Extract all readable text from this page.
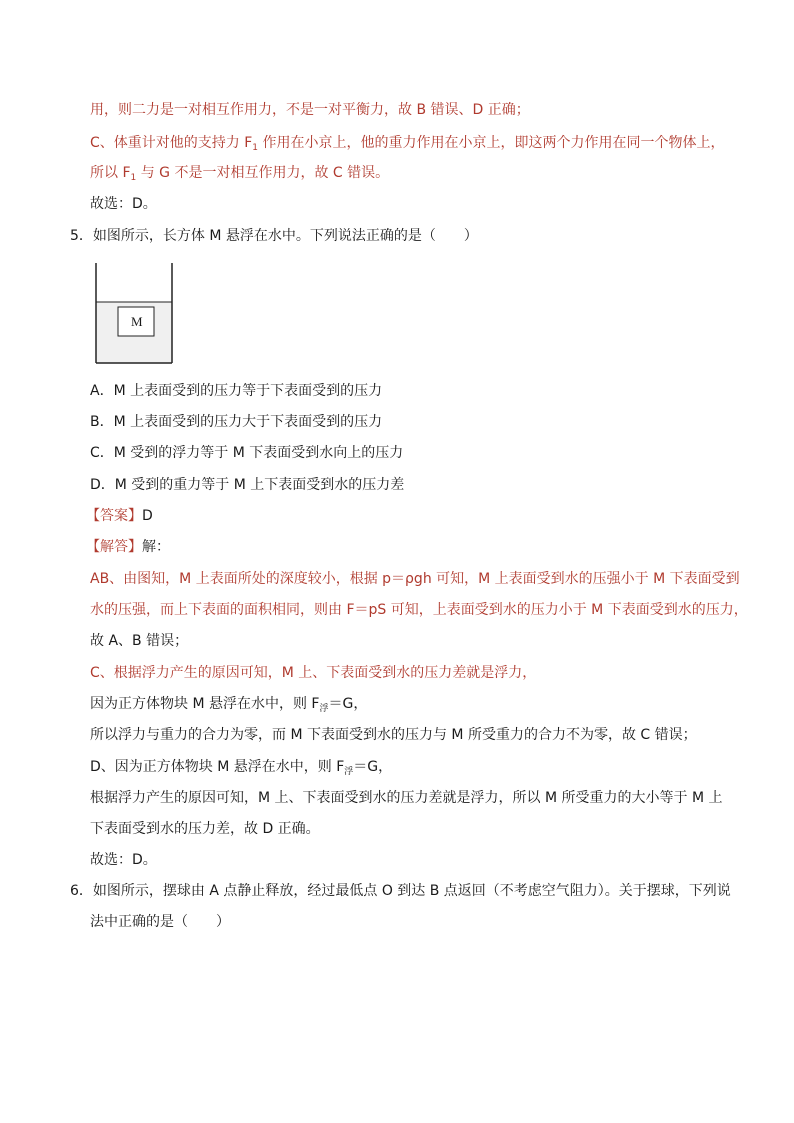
用，则二力是一对相互作用力，不是一对平衡力，故 B 错误、D 正确；
C、体重计对他的支持力 $F_1$ 作用在小京上，他的重力作用在小京上，即这两个力作用在同一个物体上，
所以 $F_1$ 与 G 不是一对相互作用力，故 C 错误。
故选：D。
5．如图所示，长方体 M 悬浮在水中。下列说法正确的是（　　）
M
A．M 上表面受到的压力等于下表面受到的压力
B．M 上表面受到的压力大于下表面受到的压力
C．M 受到的浮力等于 M 下表面受到水向上的压力
D．M 受到的重力等于 M 上下表面受到水的压力差
【答案】D
【解答】解：
AB、由图知，M 上表面所处的深度较小，根据 p＝ρgh 可知，M 上表面受到水的压强小于 M 下表面受到
水的压强，而上下表面的面积相同，则由 F＝pS 可知，上表面受到水的压力小于 M 下表面受到水的压力，
故 A、B 错误；
C、根据浮力产生的原因可知，M 上、下表面受到水的压力差就是浮力，
因为正方体物块 M 悬浮在水中，则 $F_浮=G$，
所以浮力与重力的合力为零，而 M 下表面受到水的压力与 M 所受重力的合力不为零，故 C 错误；
D、因为正方体物块 M 悬浮在水中，则 $F_浮=G$，
根据浮力产生的原因可知，M 上、下表面受到水的压力差就是浮力，所以 M 所受重力的大小等于 M 上
下表面受到水的压力差，故 D 正确。
故选：D。
6．如图所示，摆球由 A 点静止释放，经过最低点 O 到达 B 点返回（不考虑空气阻力）。关于摆球，下列说
法中正确的是（　　）
